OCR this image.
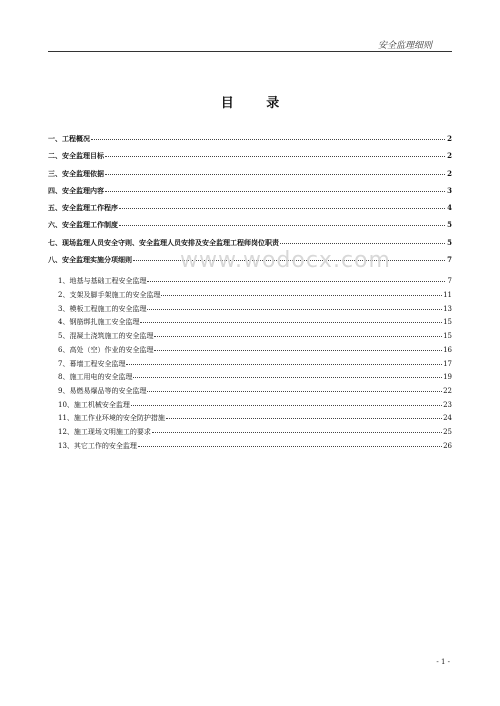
安全监理细则
目 录
一、工程概况	2
二、安全监理目标	2
三、安全监理依据	2
四、安全监理内容	3
五、安全监理工作程序	4
六、安全监理工作制度	5
七、现场监理人员安全守则、安全监理人员安排及安全监理工程师岗位职责	5
八、安全监理实施分项细则	7
1、地基与基础工程安全监理	7
2、支架及脚手架施工的安全监理	11
3、模板工程施工的安全监理	13
4、钢筋绑扎施工安全监理	15
5、混凝土浇筑施工的安全监理	15
6、高处（空）作业的安全监理	16
7、幕墙工程安全监理	17
8、施工用电的安全监理	19
9、易燃易爆品等的安全监理	22
10、施工机械安全监理	23
11、施工作业环境的安全防护措施	24
12、施工现场文明施工的要求	25
13、其它工作的安全监理	26
www.wodocx.com
- 1 -
